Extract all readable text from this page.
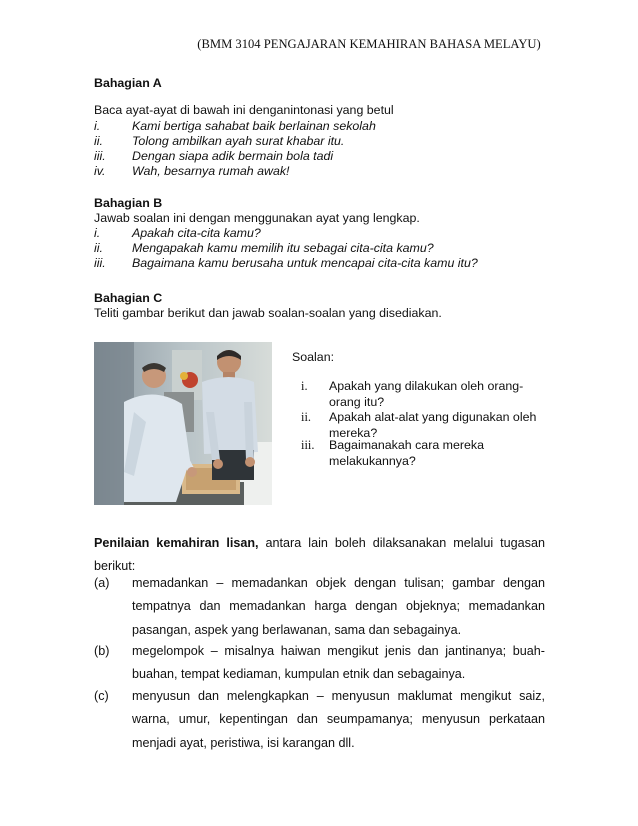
(BMM 3104 PENGAJARAN KEMAHIRAN BAHASA MELAYU)
Bahagian A
Baca ayat-ayat di bawah ini denganintonasi yang betul
i.	Kami bertiga sahabat baik berlainan sekolah
ii. Tolong ambilkan ayah surat khabar itu.
iii. Dengan siapa adik bermain bola tadi
iv. Wah, besarnya rumah awak!
Bahagian B
Jawab soalan ini dengan menggunakan ayat yang lengkap.
i.	Apakah cita-cita kamu?
ii. Mengapakah kamu memilih itu sebagai cita-cita kamu?
iii. Bagaimana kamu berusaha untuk mencapai cita-cita kamu itu?
Bahagian C
Teliti gambar berikut dan jawab soalan-soalan yang disediakan.
Soalan:
i. Apakah yang dilakukan oleh orang-orang itu?
ii. Apakah alat-alat yang digunakan oleh mereka?
iii. Bagaimanakah cara mereka melakukannya?
Penilaian kemahiran lisan, antara lain boleh dilaksanakan melalui tugasan berikut:
(a) memadankan – memadankan objek dengan tulisan; gambar dengan tempatnya dan memadankan harga dengan objeknya; memadankan pasangan, aspek yang berlawanan, sama dan sebagainya.
(b) megelompok – misalnya haiwan mengikut jenis dan jantinanya; buah-buahan, tempat kediaman, kumpulan etnik dan sebagainya.
(c) menyusun dan melengkapkan – menyusun maklumat mengikut saiz, warna, umur, kepentingan dan seumpamanya; menyusun perkataan menjadi ayat, peristiwa, isi karangan dll.
